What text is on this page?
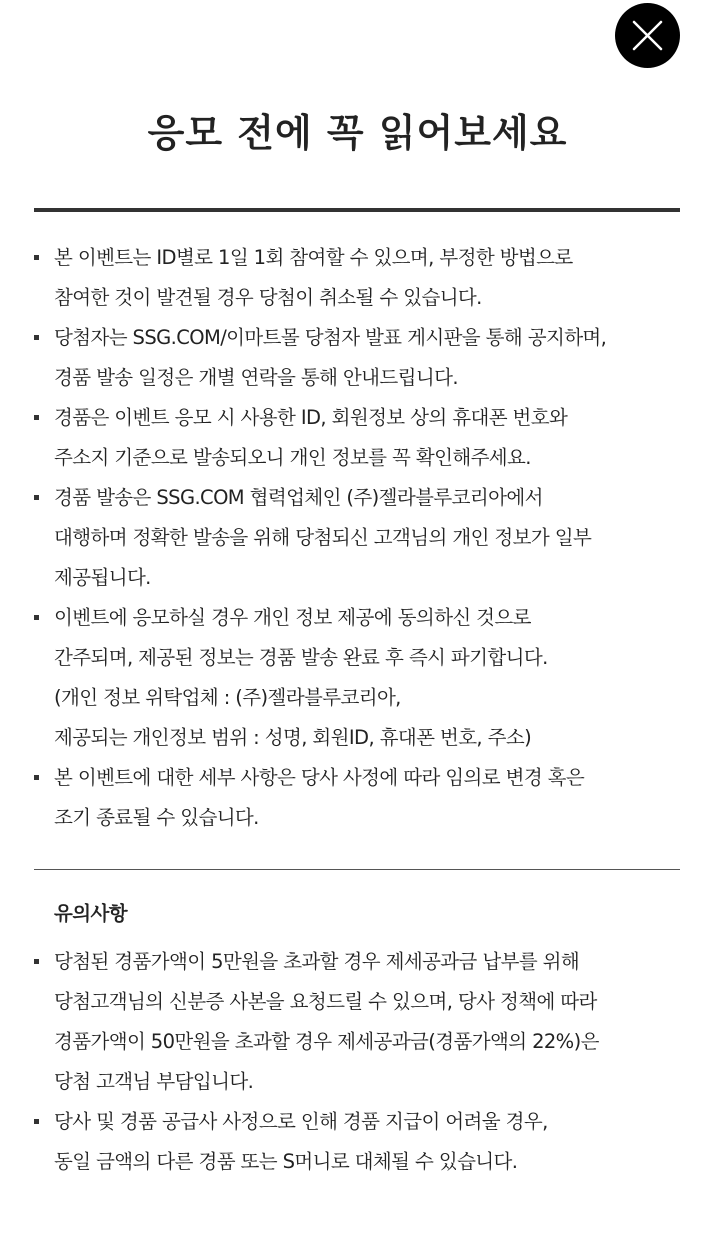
응모 전에 꼭 읽어보세요
본 이벤트는 ID별로 1일 1회 참여할 수 있으며, 부정한 방법으로
참여한 것이 발견될 경우 당첨이 취소될 수 있습니다.
당첨자는 SSG.COM/이마트몰 당첨자 발표 게시판을 통해 공지하며,
경품 발송 일정은 개별 연락을 통해 안내드립니다.
경품은 이벤트 응모 시 사용한 ID, 회원정보 상의 휴대폰 번호와
주소지 기준으로 발송되오니 개인 정보를 꼭 확인해주세요.
경품 발송은 SSG.COM 협력업체인 (주)젤라블루코리아에서
대행하며 정확한 발송을 위해 당첨되신 고객님의 개인 정보가 일부
제공됩니다.
이벤트에 응모하실 경우 개인 정보 제공에 동의하신 것으로
간주되며, 제공된 정보는 경품 발송 완료 후 즉시 파기합니다.
(개인 정보 위탁업체 : (주)젤라블루코리아,
제공되는 개인정보 범위 : 성명, 회원ID, 휴대폰 번호, 주소)
본 이벤트에 대한 세부 사항은 당사 사정에 따라 임의로 변경 혹은
조기 종료될 수 있습니다.
유의사항
당첨된 경품가액이 5만원을 초과할 경우 제세공과금 납부를 위해
당첨고객님의 신분증 사본을 요청드릴 수 있으며, 당사 정책에 따라
경품가액이 50만원을 초과할 경우 제세공과금(경품가액의 22%)은
당첨 고객님 부담입니다.
당사 및 경품 공급사 사정으로 인해 경품 지급이 어려울 경우,
동일 금액의 다른 경품 또는 S머니로 대체될 수 있습니다.
